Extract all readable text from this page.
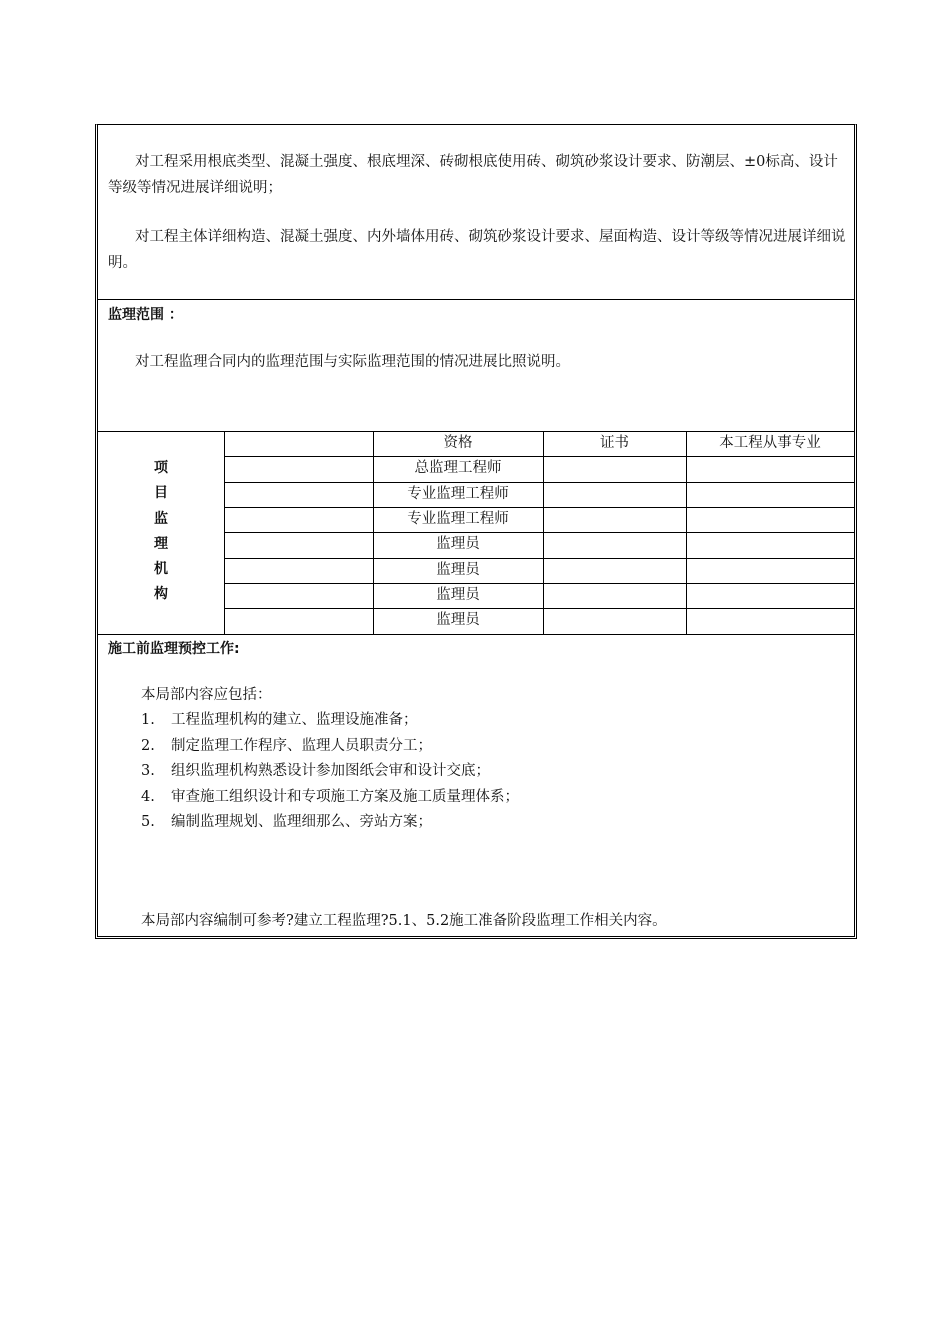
对工程采用根底类型、混凝土强度、根底埋深、砖砌根底使用砖、砌筑砂浆设计要求、防潮层、±0标高、设计等级等情况进展详细说明；
对工程主体详细构造、混凝土强度、内外墙体用砖、砌筑砂浆设计要求、屋面构造、设计等级等情况进展详细说明。
监理范围 ：
对工程监理合同内的监理范围与实际监理范围的情况进展比照说明。
项
目
监
理
机
构
资格	证书	本工程从事专业
总监理工程师
专业监理工程师
专业监理工程师
监理员
监理员
监理员
监理员
施工前监理预控工作:
本局部内容应包括：
1. 工程监理机构的建立、监理设施准备；
2. 制定监理工作程序、监理人员职责分工；
3. 组织监理机构熟悉设计参加图纸会审和设计交底；
4. 审查施工组织设计和专项施工方案及施工质量理体系；
5. 编制监理规划、监理细那么、旁站方案；
本局部内容编制可参考?建立工程监理?5.1、5.2施工准备阶段监理工作相关内容。
